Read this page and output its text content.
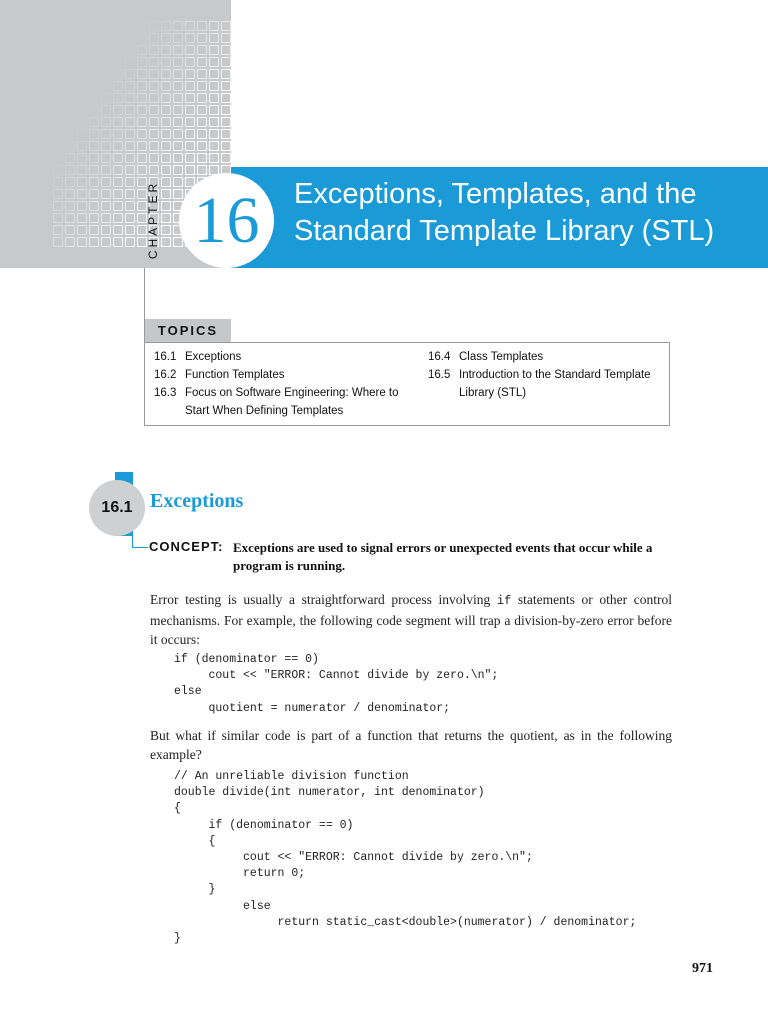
CHAPTER 16 Exceptions, Templates, and the
Standard Template Library (STL)
TOPICS
16.1 Exceptions
16.2 Function Templates
16.3 Focus on Software Engineering: Where to Start When Defining Templates
16.4 Class Templates
16.5 Introduction to the Standard Template Library (STL)
16.1 Exceptions
CONCEPT: Exceptions are used to signal errors or unexpected events that occur while a program is running.

Error testing is usually a straightforward process involving if statements or other control mechanisms. For example, the following code segment will trap a division-by-zero error before it occurs:

if (denominator == 0)
cout << "ERROR: Cannot divide by zero.\n";
else
quotient = numerator / denominator;

But what if similar code is part of a function that returns the quotient, as in the following example?

// An unreliable division function
double divide(int numerator, int denominator)
{
if (denominator == 0)
{
cout << "ERROR: Cannot divide by zero.\n";
return 0;
}
else
return static_cast<double>(numerator) / denominator;
}
971
